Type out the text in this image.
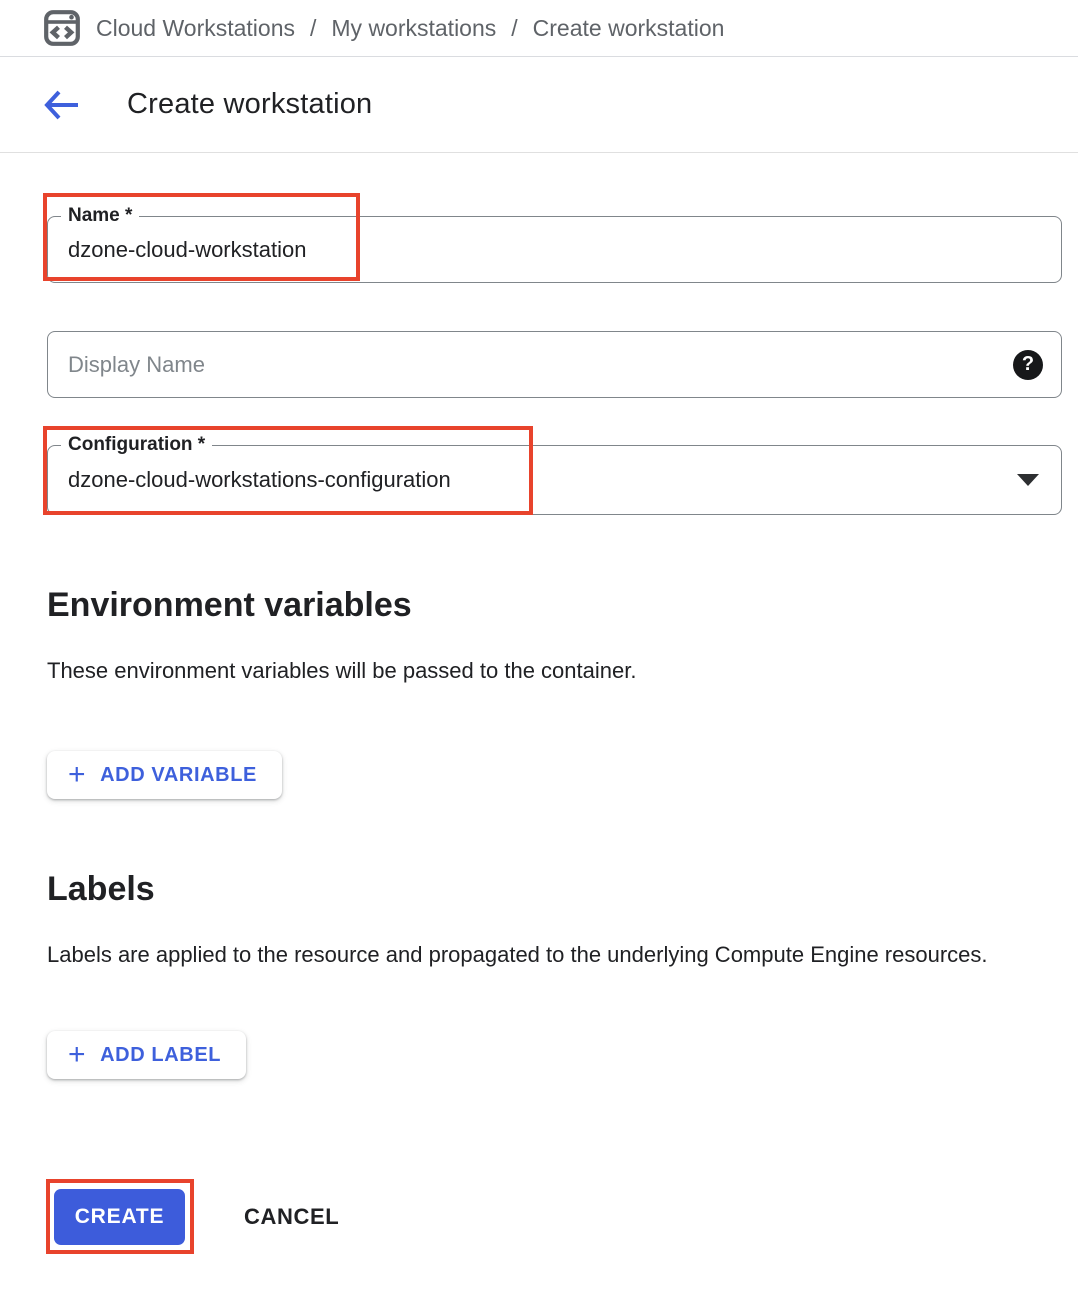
Cloud Workstations / My workstations / Create workstation
Create workstation
Name *
dzone-cloud-workstation
Display Name
?
Configuration *
dzone-cloud-workstations-configuration
Environment variables

These environment variables will be passed to the container.

+ ADD VARIABLE
Labels

Labels are applied to the resource and propagated to the underlying Compute Engine resources.

+ ADD LABEL
CREATE	CANCEL
